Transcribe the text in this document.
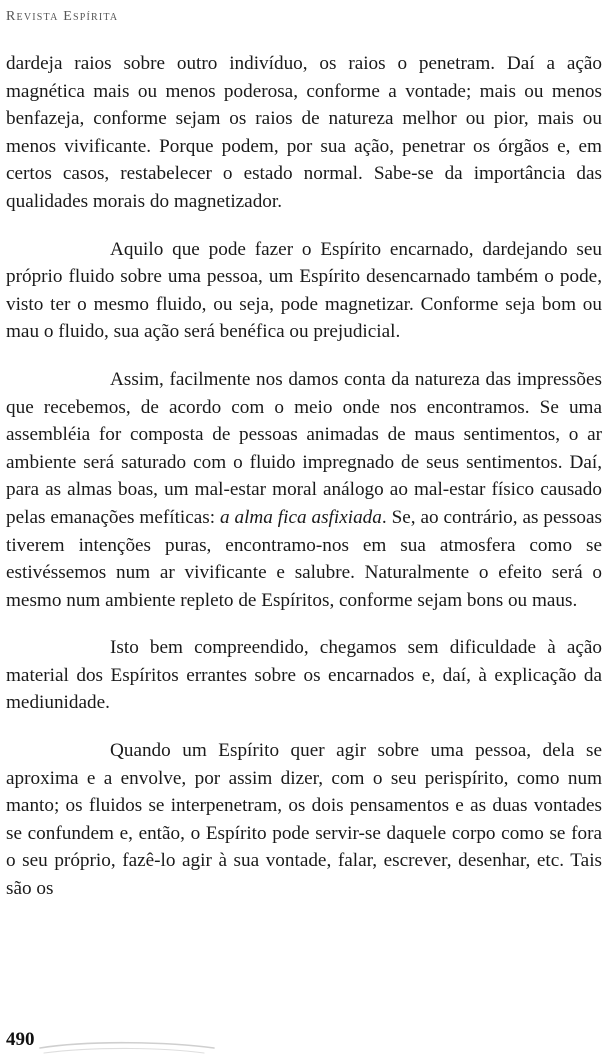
Revista Espírita

dardeja raios sobre outro indivíduo, os raios o penetram. Daí a ação magnética mais ou menos poderosa, conforme a vontade; mais ou menos benfazeja, conforme sejam os raios de natureza melhor ou pior, mais ou menos vivificante. Porque podem, por sua ação, penetrar os órgãos e, em certos casos, restabelecer o estado normal. Sabe-se da importância das qualidades morais do magnetizador.

Aquilo que pode fazer o Espírito encarnado, dardejando seu próprio fluido sobre uma pessoa, um Espírito desencarnado também o pode, visto ter o mesmo fluido, ou seja, pode magnetizar. Conforme seja bom ou mau o fluido, sua ação será benéfica ou prejudicial.

Assim, facilmente nos damos conta da natureza das impressões que recebemos, de acordo com o meio onde nos encontramos. Se uma assembléia for composta de pessoas animadas de maus sentimentos, o ar ambiente será saturado com o fluido impregnado de seus sentimentos. Daí, para as almas boas, um mal-estar moral análogo ao mal-estar físico causado pelas emanações mefíticas: a alma fica asfixiada. Se, ao contrário, as pessoas tiverem intenções puras, encontramo-nos em sua atmosfera como se estivéssemos num ar vivificante e salubre. Naturalmente o efeito será o mesmo num ambiente repleto de Espíritos, conforme sejam bons ou maus.

Isto bem compreendido, chegamos sem dificuldade à ação material dos Espíritos errantes sobre os encarnados e, daí, à explicação da mediunidade.

Quando um Espírito quer agir sobre uma pessoa, dela se aproxima e a envolve, por assim dizer, com o seu perispírito, como num manto; os fluidos se interpenetram, os dois pensamentos e as duas vontades se confundem e, então, o Espírito pode servir-se daquele corpo como se fora o seu próprio, fazê-lo agir à sua vontade, falar, escrever, desenhar, etc. Tais são os

490
